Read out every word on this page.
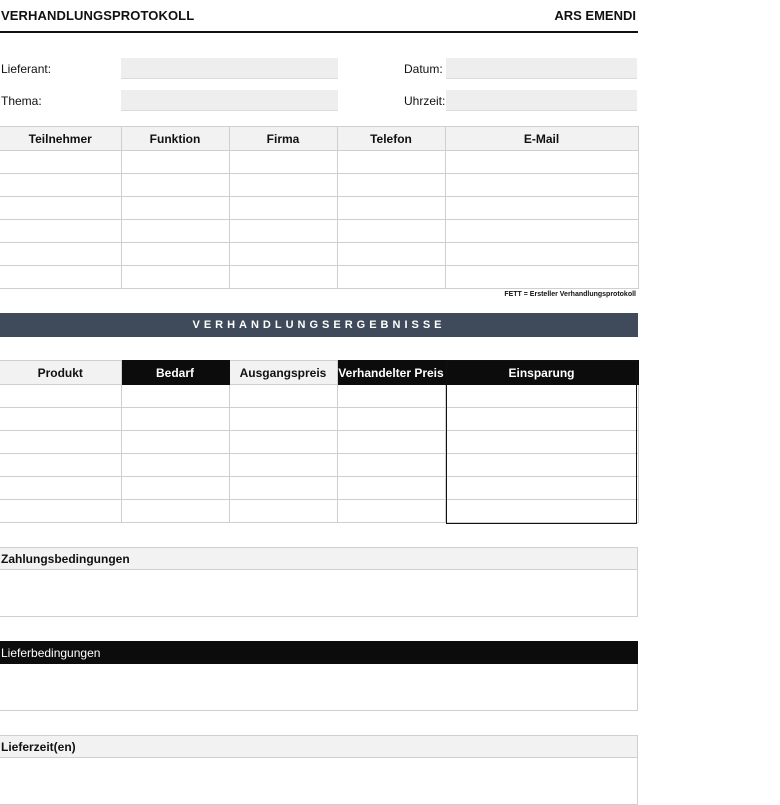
VERHANDLUNGSPROTOKOLL	ARS EMENDI
Lieferant:	Datum:
Thema:	Uhrzeit:
Teilnehmer	Funktion	Firma	Telefon	E-Mail

FETT = Ersteller Verhandlungsprotokoll
VERHANDLUNGSERGEBNISSE
Produkt	Bedarf	Ausgangspreis	Verhandelter Preis	Einsparung

Zahlungsbedingungen
Lieferbedingungen
Lieferzeit(en)
